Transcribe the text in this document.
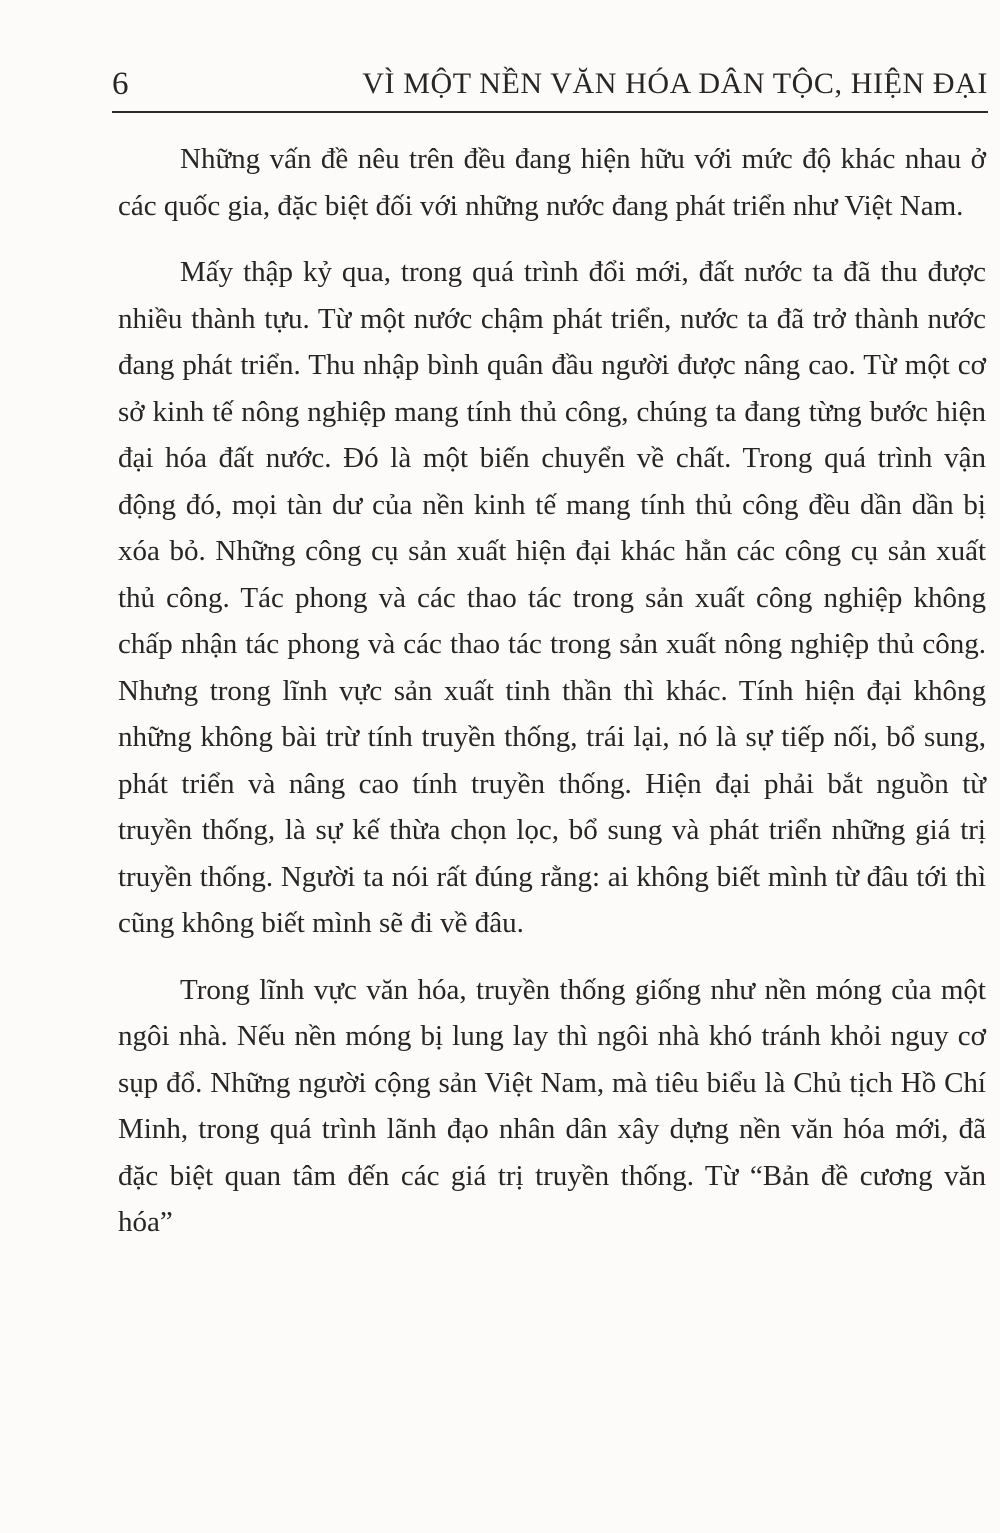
6	VÌ MỘT NỀN VĂN HÓA DÂN TỘC, HIỆN ĐẠI

Những vấn đề nêu trên đều đang hiện hữu với mức độ khác nhau ở các quốc gia, đặc biệt đối với những nước đang phát triển như Việt Nam.

Mấy thập kỷ qua, trong quá trình đổi mới, đất nước ta đã thu được nhiều thành tựu. Từ một nước chậm phát triển, nước ta đã trở thành nước đang phát triển. Thu nhập bình quân đầu người được nâng cao. Từ một cơ sở kinh tế nông nghiệp mang tính thủ công, chúng ta đang từng bước hiện đại hóa đất nước. Đó là một biến chuyển về chất. Trong quá trình vận động đó, mọi tàn dư của nền kinh tế mang tính thủ công đều dần dần bị xóa bỏ. Những công cụ sản xuất hiện đại khác hẳn các công cụ sản xuất thủ công. Tác phong và các thao tác trong sản xuất công nghiệp không chấp nhận tác phong và các thao tác trong sản xuất nông nghiệp thủ công. Nhưng trong lĩnh vực sản xuất tinh thần thì khác. Tính hiện đại không những không bài trừ tính truyền thống, trái lại, nó là sự tiếp nối, bổ sung, phát triển và nâng cao tính truyền thống. Hiện đại phải bắt nguồn từ truyền thống, là sự kế thừa chọn lọc, bổ sung và phát triển những giá trị truyền thống. Người ta nói rất đúng rằng: ai không biết mình từ đâu tới thì cũng không biết mình sẽ đi về đâu.

Trong lĩnh vực văn hóa, truyền thống giống như nền móng của một ngôi nhà. Nếu nền móng bị lung lay thì ngôi nhà khó tránh khỏi nguy cơ sụp đổ. Những người cộng sản Việt Nam, mà tiêu biểu là Chủ tịch Hồ Chí Minh, trong quá trình lãnh đạo nhân dân xây dựng nền văn hóa mới, đã đặc biệt quan tâm đến các giá trị truyền thống. Từ “Bản đề cương văn hóa”
